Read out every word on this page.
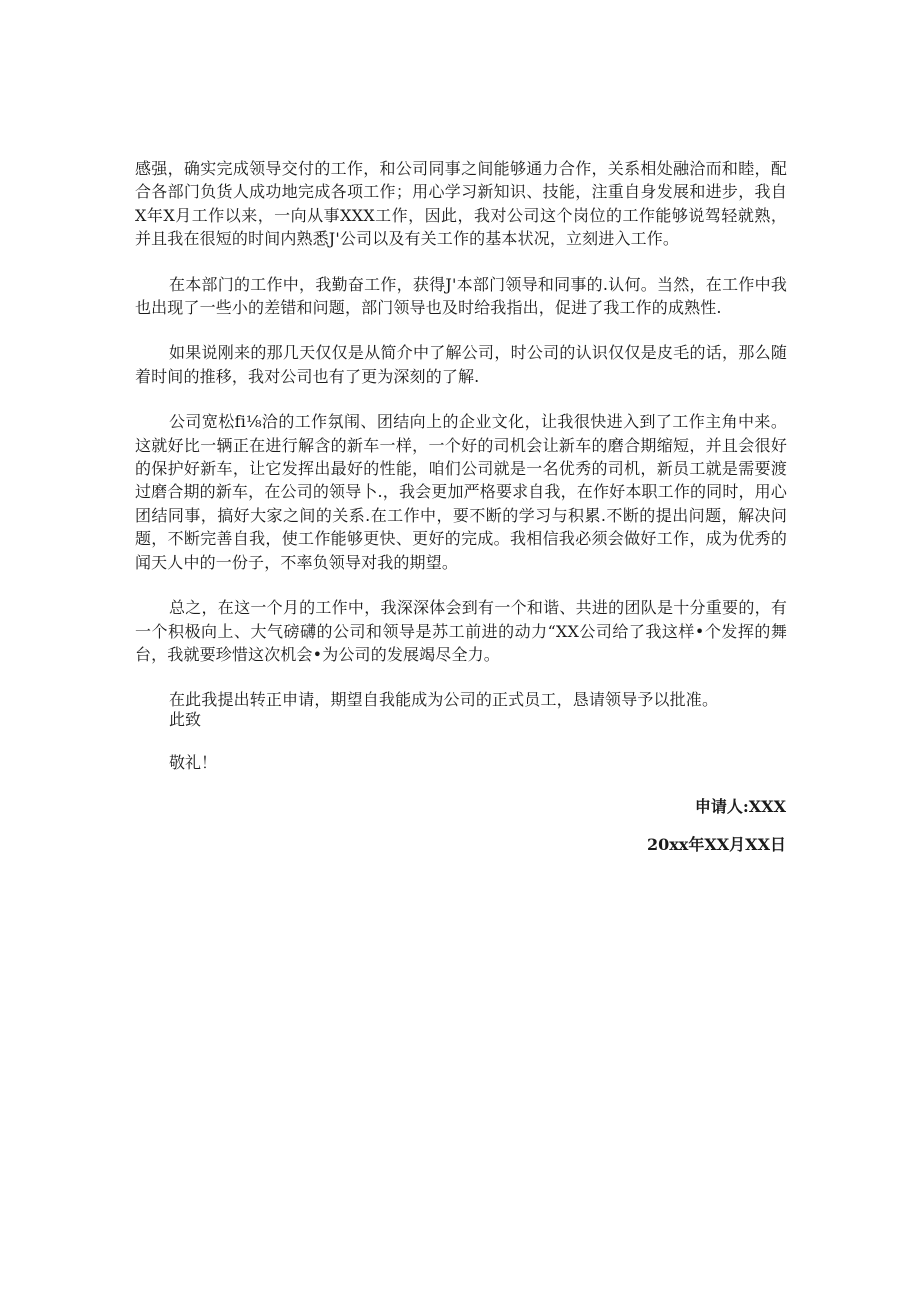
感强，确实完成领导交付的工作，和公司同事之间能够通力合作，关系相处融洽而和睦，配合各部门负货人成功地完成各项工作；用心学习新知识、技能，注重自身发展和进步，我自X年X月工作以来，一向从事XXX工作，因此，我对公司这个岗位的工作能够说驾轻就熟，并且我在很短的时间内熟悉J'公司以及有关工作的基本状况，立刻进入工作。

在本部门的工作中，我勤奋工作，获得J'本部门领导和同事的.认何。当然，在工作中我也出现了一些小的差错和问题，部门领导也及时给我指出，促进了我工作的成熟性.

如果说刚来的那几天仅仅是从简介中了解公司，时公司的认识仅仅是皮毛的话，那么随着时间的推移，我对公司也有了更为深刻的了解.

公司宽松fi⅛洽的工作氛闱、团结向上的企业文化，让我很快进入到了工作主角中来。这就好比一辆正在进行解含的新车一样，一个好的司机会让新车的磨合期缩短，并且会很好的保护好新车，让它发挥出最好的性能，咱们公司就是一名优秀的司机，新员工就是需要渡过磨合期的新车，在公司的领导卜.，我会更加严格要求自我，在作好本职工作的同时，用心团结同事，搞好大家之间的关系.在工作中，要不断的学习与积累.不断的提出问题，解决问题，不断完善自我，使工作能够更快、更好的完成。我相信我必须会做好工作，成为优秀的闻天人中的一份子，不率负领导对我的期望。

总之，在这一个月的工作中，我深深体会到有一个和谐、共进的团队是十分重要的，有一个积极向上、大气磅礴的公司和领导是苏工前进的动力“XX公司给了我这样•个发挥的舞台，我就要珍惜这次机会•为公司的发展竭尽全力。

在此我提出转正申请，期望自我能成为公司的正式员工，恳请领导予以批准。

此致
敬礼！
申请人:XXX
20xx年XX月XX日
